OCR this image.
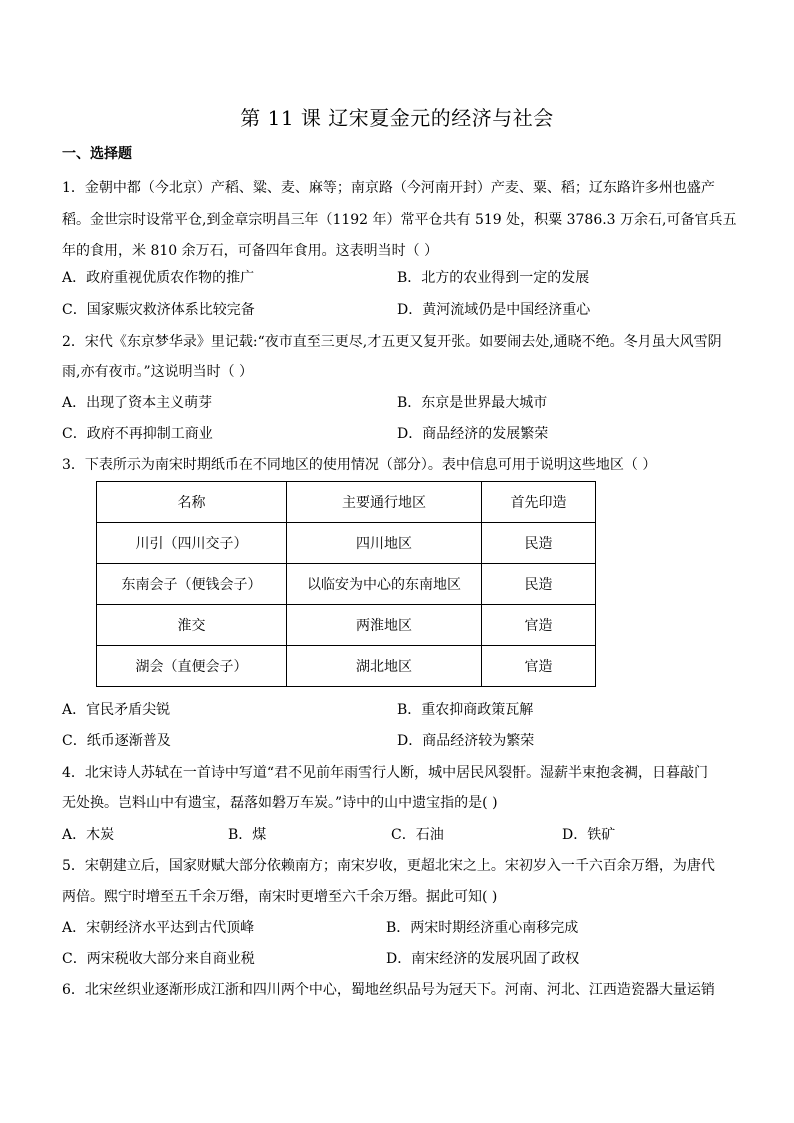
第 11 课 辽宋夏金元的经济与社会
一、选择题
1．金朝中都（今北京）产稻、粱、麦、麻等；南京路（今河南开封）产麦、粟、稻；辽东路许多州也盛产
稻。金世宗时设常平仓,到金章宗明昌三年（1192 年）常平仓共有 519 处，积粟 3786.3 万余石,可备官兵五
年的食用，米 810 余万石，可备四年食用。这表明当时（ ）
A．政府重视优质农作物的推广	B．北方的农业得到一定的发展
C．国家赈灾救济体系比较完备	D．黄河流域仍是中国经济重心
2．宋代《东京梦华录》里记载:“夜市直至三更尽,才五更又复开张。如要闹去处,通晓不绝。冬月虽大风雪阴
雨,亦有夜市。”这说明当时（ ）
A．出现了资本主义萌芽	B．东京是世界最大城市
C．政府不再抑制工商业	D．商品经济的发展繁荣
3．下表所示为南宋时期纸币在不同地区的使用情况（部分）。表中信息可用于说明这些地区（ ）
名称	主要通行地区	首先印造
川引（四川交子）	四川地区	民造
东南会子（便钱会子）	以临安为中心的东南地区	民造
淮交	两淮地区	官造
湖会（直便会子）	湖北地区	官造
A．官民矛盾尖锐	B．重农抑商政策瓦解
C．纸币逐渐普及	D．商品经济较为繁荣
4．北宋诗人苏轼在一首诗中写道“君不见前年雨雪行人断，城中居民风裂骭。湿薪半束抱衾裯，日暮敲门
无处换。岂料山中有遗宝，磊落如磐万车炭。”诗中的山中遗宝指的是( )
A．木炭	B．煤	C．石油	D．铁矿
5．宋朝建立后，国家财赋大部分依赖南方；南宋岁收，更超北宋之上。宋初岁入一千六百余万缗，为唐代
两倍。熙宁时增至五千余万缗，南宋时更增至六千余万缗。据此可知( )
A．宋朝经济水平达到古代顶峰	B．两宋时期经济重心南移完成
C．两宋税收大部分来自商业税	D．南宋经济的发展巩固了政权
6．北宋丝织业逐渐形成江浙和四川两个中心，蜀地丝织品号为冠天下。河南、河北、江西造瓷器大量运销
